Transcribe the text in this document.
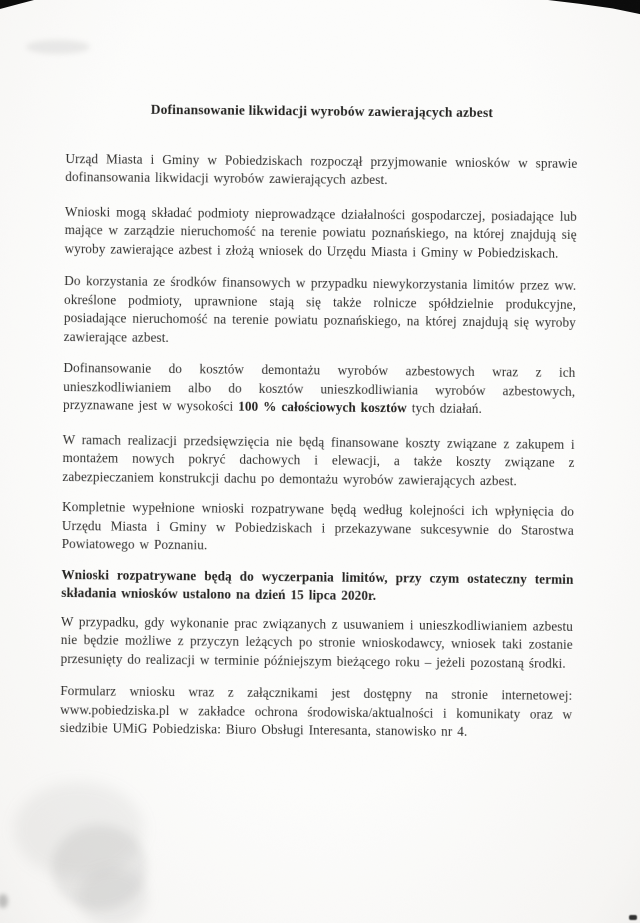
Dofinansowanie likwidacji wyrobów zawierających azbest

Urząd Miasta i Gminy w Pobiedziskach rozpoczął przyjmowanie wniosków w sprawie dofinansowania likwidacji wyrobów zawierających azbest.

Wnioski mogą składać podmioty nieprowadzące działalności gospodarczej, posiadające lub mające w zarządzie nieruchomość na terenie powiatu poznańskiego, na której znajdują się wyroby zawierające azbest i złożą wniosek do Urzędu Miasta i Gminy w Pobiedziskach.

Do korzystania ze środków finansowych w przypadku niewykorzystania limitów przez ww. określone podmioty, uprawnione stają się także rolnicze spółdzielnie produkcyjne, posiadające nieruchomość na terenie powiatu poznańskiego, na której znajdują się wyroby zawierające azbest.

Dofinansowanie do kosztów demontażu wyrobów azbestowych wraz z ich unieszkodliwianiem albo do kosztów unieszkodliwiania wyrobów azbestowych, przyznawane jest w wysokości 100 % całościowych kosztów tych działań.

W ramach realizacji przedsięwzięcia nie będą finansowane koszty związane z zakupem i montażem nowych pokryć dachowych i elewacji, a także koszty związane z zabezpieczaniem konstrukcji dachu po demontażu wyrobów zawierających azbest.

Kompletnie wypełnione wnioski rozpatrywane będą według kolejności ich wpłynięcia do Urzędu Miasta i Gminy w Pobiedziskach i przekazywane sukcesywnie do Starostwa Powiatowego w Poznaniu.

Wnioski rozpatrywane będą do wyczerpania limitów, przy czym ostateczny termin składania wniosków ustalono na dzień 15 lipca 2020r.

W przypadku, gdy wykonanie prac związanych z usuwaniem i unieszkodliwianiem azbestu nie będzie możliwe z przyczyn leżących po stronie wnioskodawcy, wniosek taki zostanie przesunięty do realizacji w terminie późniejszym bieżącego roku – jeżeli pozostaną środki.

Formularz wniosku wraz z załącznikami jest dostępny na stronie internetowej: www.pobiedziska.pl w zakładce ochrona środowiska/aktualności i komunikaty oraz w siedzibie UMiG Pobiedziska: Biuro Obsługi Interesanta, stanowisko nr 4.
